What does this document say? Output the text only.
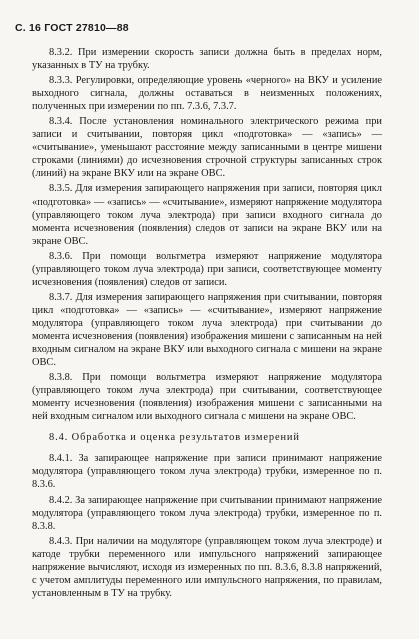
С. 16 ГОСТ 27810—88

8.3.2. При измерении скорость записи должна быть в пределах норм, указанных в ТУ на трубку.

8.3.3. Регулировки, определяющие уровень «черного» на ВКУ и усиление выходного сигнала, должны оставаться в неизменных положениях, полученных при измерении по пп. 7.3.6, 7.3.7.

8.3.4. После установления номинального электрического режима при записи и считывании, повторяя цикл «подготовка» — «запись» — «считывание», уменьшают расстояние между записанными в центре мишени строками (линиями) до исчезновения строчной структуры записанных строк (линий) на экране ВКУ или на экране ОВС.

8.3.5. Для измерения запирающего напряжения при записи, повторяя цикл «подготовка» — «запись» — «считывание», измеряют напряжение модулятора (управляющего током луча электрода) при записи входного сигнала до момента исчезновения (появления) следов от записи на экране ВКУ или на экране ОВС.

8.3.6. При помощи вольтметра измеряют напряжение модулятора (управляющего током луча электрода) при записи, соответствующее моменту исчезновения (появления) следов от записи.

8.3.7. Для измерения запирающего напряжения при считывании, повторяя цикл «подготовка» — «запись» — «считывание», измеряют напряжение модулятора (управляющего током луча электрода) при считывании до момента исчезновения (появления) изображения мишени с записанным на ней входным сигналом на экране ВКУ или выходного сигнала с мишени на экране ОВС.

8.3.8. При помощи вольтметра измеряют напряжение модулятора (управляющего током луча электрода) при считывании, соответствующее моменту исчезновения (появления) изображения мишени с записанными на ней входным сигналом или выходного сигнала с мишени на экране ОВС.

8.4. Обработка и оценка результатов измерений

8.4.1. За запирающее напряжение при записи принимают напряжение модулятора (управляющего током луча электрода) трубки, измеренное по п. 8.3.6.

8.4.2. За запирающее напряжение при считывании принимают напряжение модулятора (управляющего током луча электрода) трубки, измеренное по п. 8.3.8.

8.4.3. При наличии на модуляторе (управляющем током луча электроде) и катоде трубки переменного или импульсного напряжений запирающее напряжение вычисляют, исходя из измеренных по пп. 8.3.6, 8.3.8 напряжений, с учетом амплитуды переменного или импульсного напряжения, по правилам, установленным в ТУ на трубку.
